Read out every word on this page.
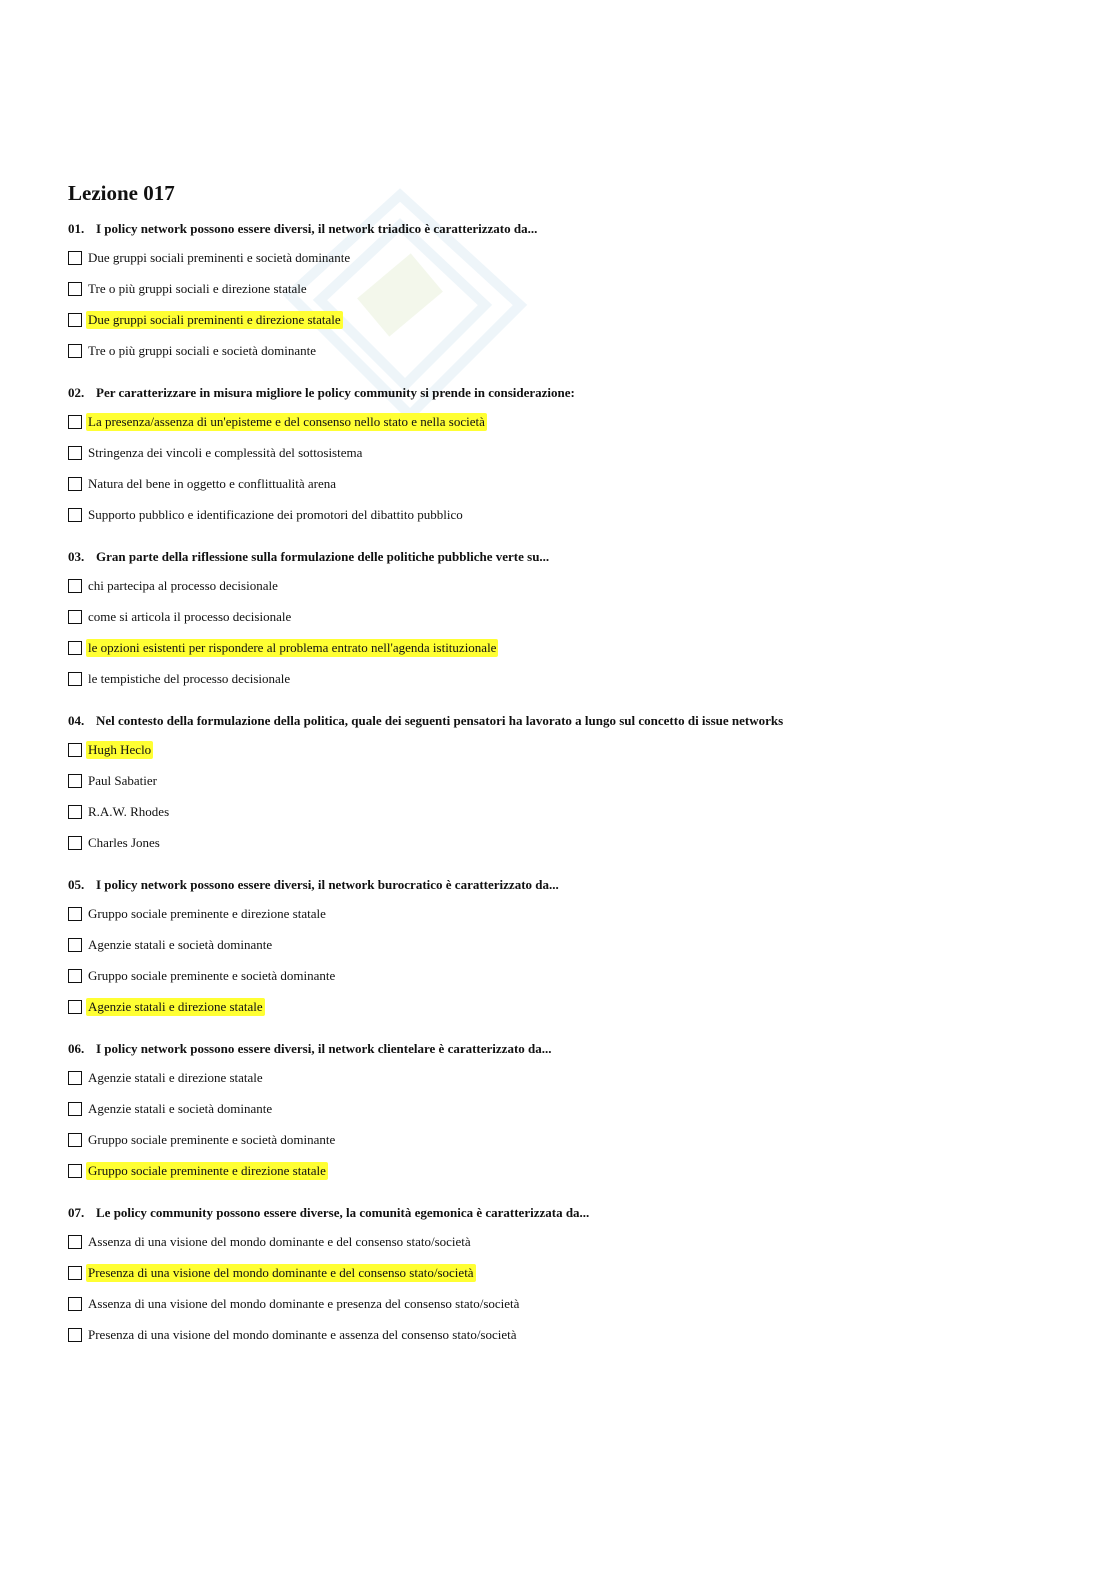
Lezione 017
01. I policy network possono essere diversi, il network triadico è caratterizzato da...
Due gruppi sociali preminenti e società dominante
Tre o più gruppi sociali e direzione statale
Due gruppi sociali preminenti e direzione statale
Tre o più gruppi sociali e società dominante
02. Per caratterizzare in misura migliore le policy community si prende in considerazione:
La presenza/assenza di un'episteme e del consenso nello stato e nella società
Stringenza dei vincoli e complessità del sottosistema
Natura del bene in oggetto e conflittualità arena
Supporto pubblico e identificazione dei promotori del dibattito pubblico
03. Gran parte della riflessione sulla formulazione delle politiche pubbliche verte su...
chi partecipa al processo decisionale
come si articola il processo decisionale
le opzioni esistenti per rispondere al problema entrato nell'agenda istituzionale
le tempistiche del processo decisionale
04. Nel contesto della formulazione della politica, quale dei seguenti pensatori ha lavorato a lungo sul concetto di issue networks
Hugh Heclo
Paul Sabatier
R.A.W. Rhodes
Charles Jones
05. I policy network possono essere diversi, il network burocratico è caratterizzato da...
Gruppo sociale preminente e direzione statale
Agenzie statali e società dominante
Gruppo sociale preminente e società dominante
Agenzie statali e direzione statale
06. I policy network possono essere diversi, il network clientelare è caratterizzato da...
Agenzie statali e direzione statale
Agenzie statali e società dominante
Gruppo sociale preminente e società dominante
Gruppo sociale preminente e direzione statale
07. Le policy community possono essere diverse, la comunità egemonica è caratterizzata da...
Assenza di una visione del mondo dominante e del consenso stato/società
Presenza di una visione del mondo dominante e del consenso stato/società
Assenza di una visione del mondo dominante e presenza del consenso stato/società
Presenza di una visione del mondo dominante e assenza del consenso stato/società
